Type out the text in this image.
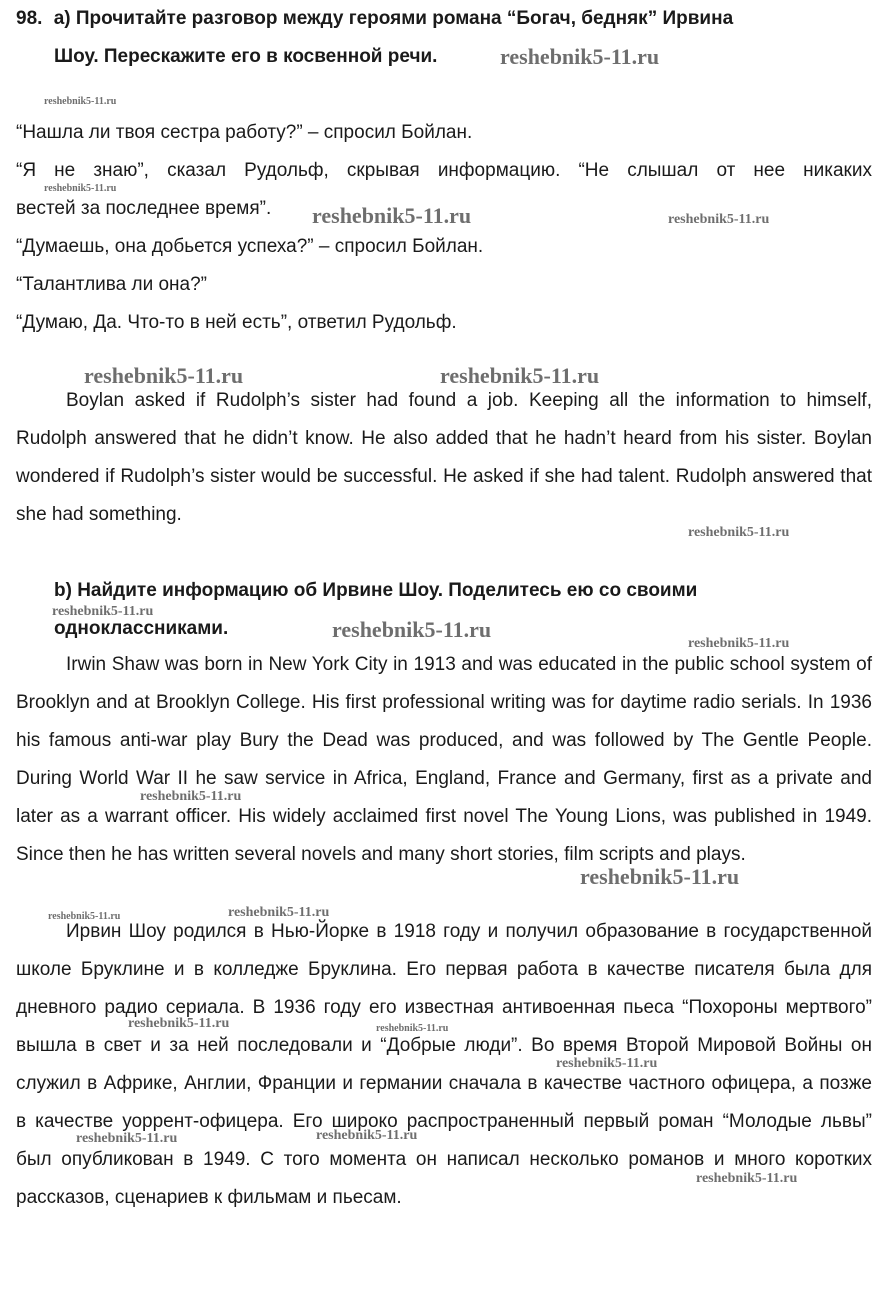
98. а) Прочитайте разговор между героями романа “Богач, бедняк” Ирвина
Шоу. Перескажите его в косвенной речи.
“Нашла ли твоя сестра работу?” – спросил Бойлан.
“Я не знаю”, сказал Рудольф, скрывая информацию. “Не слышал от нее никаких
вестей за последнее время”.
“Думаешь, она добьется успеха?” – спросил Бойлан.
“Талантлива ли она?”
“Думаю, Да. Что-то в ней есть”, ответил Рудольф.
Boylan asked if Rudolph’s sister had found a job. Keeping all the information to himself, Rudolph answered that he didn’t know. He also added that he hadn’t heard from his sister. Boylan wondered if Rudolph’s sister would be successful. He asked if she had talent. Rudolph answered that she had something.
b) Найдите информацию об Ирвине Шоу. Поделитесь ею со своими одноклассниками.
Irwin Shaw was born in New York City in 1913 and was educated in the public school system of Brooklyn and at Brooklyn College. His first professional writing was for daytime radio serials. In 1936 his famous anti-war play Bury the Dead was produced, and was followed by The Gentle People. During World War II he saw service in Africa, England, France and Germany, first as a private and later as a warrant officer. His widely acclaimed first novel The Young Lions, was published in 1949. Since then he has written several novels and many short stories, film scripts and plays.
Ирвин Шоу родился в Нью-Йорке в 1918 году и получил образование в государственной школе Бруклине и в колледже Бруклина. Его первая работа в качестве писателя была для дневного радио сериала. В 1936 году его известная антивоенная пьеса “Похороны мертвого” вышла в свет и за ней последовали и “Добрые люди”. Во время Второй Мировой Войны он служил в Африке, Англии, Франции и германии сначала в качестве частного офицера, а позже в качестве уоррент-офицера. Его широко распространенный первый роман “Молодые львы” был опубликован в 1949. С того момента он написал несколько романов и много коротких рассказов, сценариев к фильмам и пьесам.
reshebnik5-11.ru
reshebnik5-11.ru
reshebnik5-11.ru
reshebnik5-11.ru	reshebnik5-11.ru
reshebnik5-11.ru	reshebnik5-11.ru
reshebnik5-11.ru
reshebnik5-11.ru
reshebnik5-11.ru
reshebnik5-11.ru
reshebnik5-11.ru
reshebnik5-11.ru
reshebnik5-11.ru	reshebnik5-11.ru
reshebnik5-11.ru	reshebnik5-11.ru
reshebnik5-11.ru
reshebnik5-11.ru	reshebnik5-11.ru
reshebnik5-11.ru
